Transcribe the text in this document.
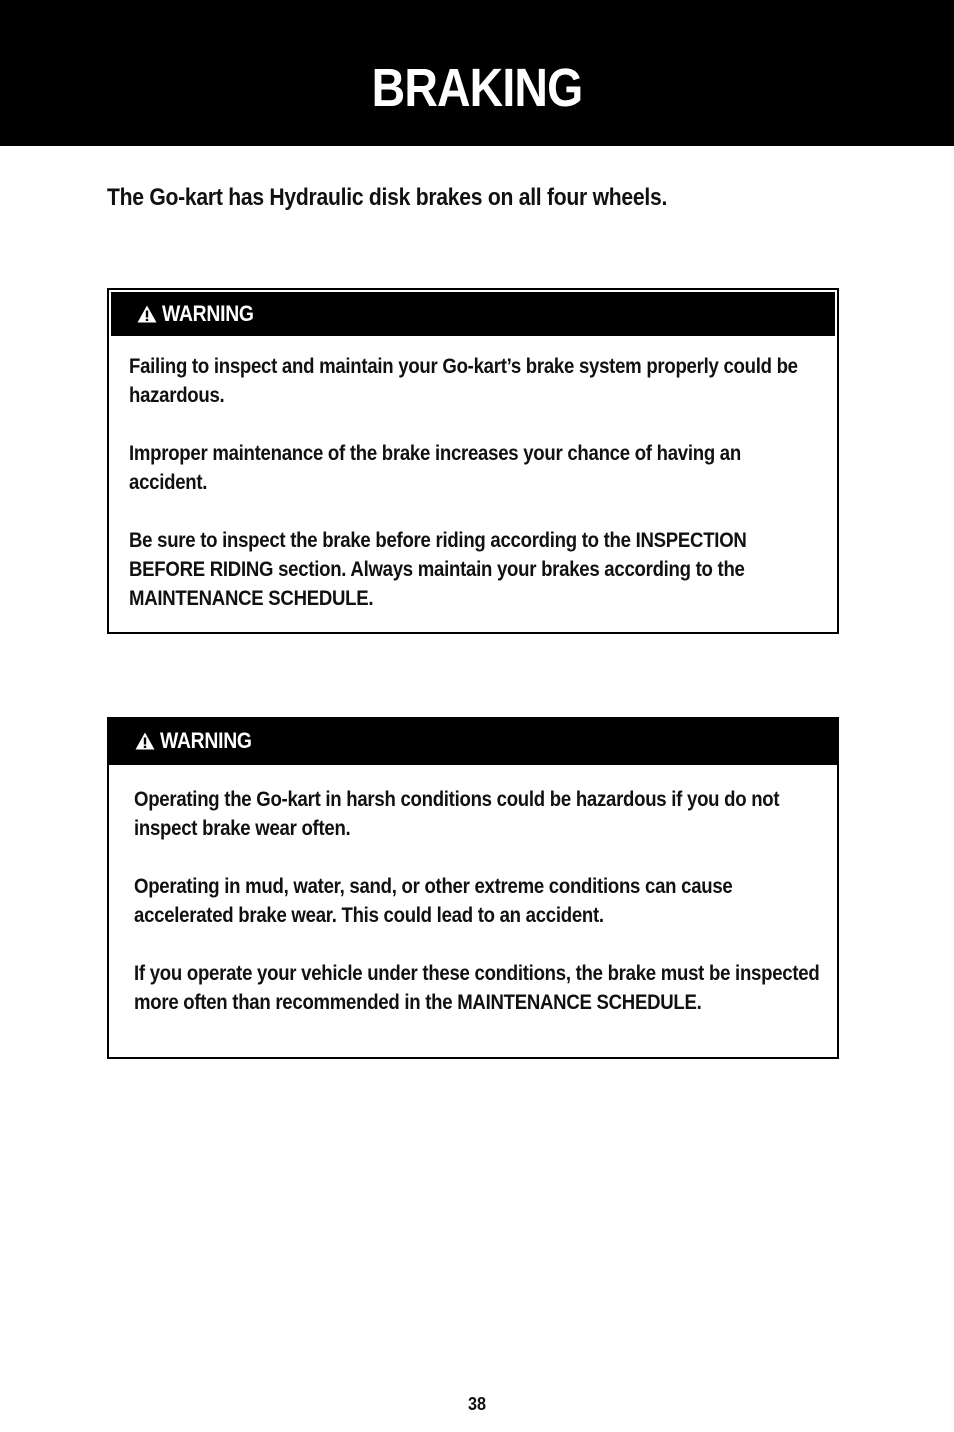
BRAKING
The Go-kart has Hydraulic disk brakes on all four wheels.
WARNING

Failing to inspect and maintain your Go-kart’s brake system properly could be hazardous.

Improper maintenance of the brake increases your chance of having an accident.

Be sure to inspect the brake before riding according to the INSPECTION BEFORE RIDING section. Always maintain your brakes according to the MAINTENANCE SCHEDULE.

WARNING

Operating the Go-kart in harsh conditions could be hazardous if you do not inspect brake wear often.

Operating in mud, water, sand, or other extreme conditions can cause accelerated brake wear. This could lead to an accident.

If you operate your vehicle under these conditions, the brake must be inspected more often than recommended in the MAINTENANCE SCHEDULE.

38
